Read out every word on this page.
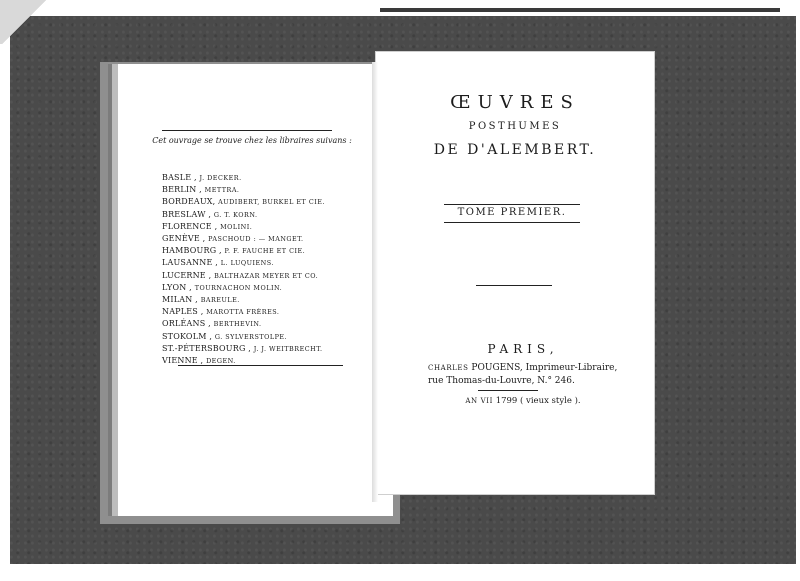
Cet ouvrage se trouve chez les libraires suivans :
BASLE , J. DECKER.
BERLIN , METTRA.
BORDEAUX, AUDIBERT, BURKEL ET CIE.
BRESLAW , G. T. KORN.
FLORENCE , MOLINI.
GENÈVE , PASCHOUD : — MANGET.
HAMBOURG , P. F. FAUCHE ET CIE.
LAUSANNE , L. LUQUIENS.
LUCERNE , BALTHAZAR MEYER ET CO.
LYON , TOURNACHON MOLIN.
MILAN , BAREULE.
NAPLES , MAROTTA FRÈRES.
ORLÉANS , BERTHEVIN.
STOKOLM , G. SYLVERSTOLPE.
ST.-PÉTERSBOURG , J. J. WEITBRECHT.
VIENNE , DEGEN.
ŒUVRES
POSTHUMES
DE D'ALEMBERT.
TOME PREMIER.
PARIS,
CHARLES POUGENS, Imprimeur-Libraire, rue Thomas-du-Louvre, N.° 246.
AN VII 1799 ( vieux style ).
